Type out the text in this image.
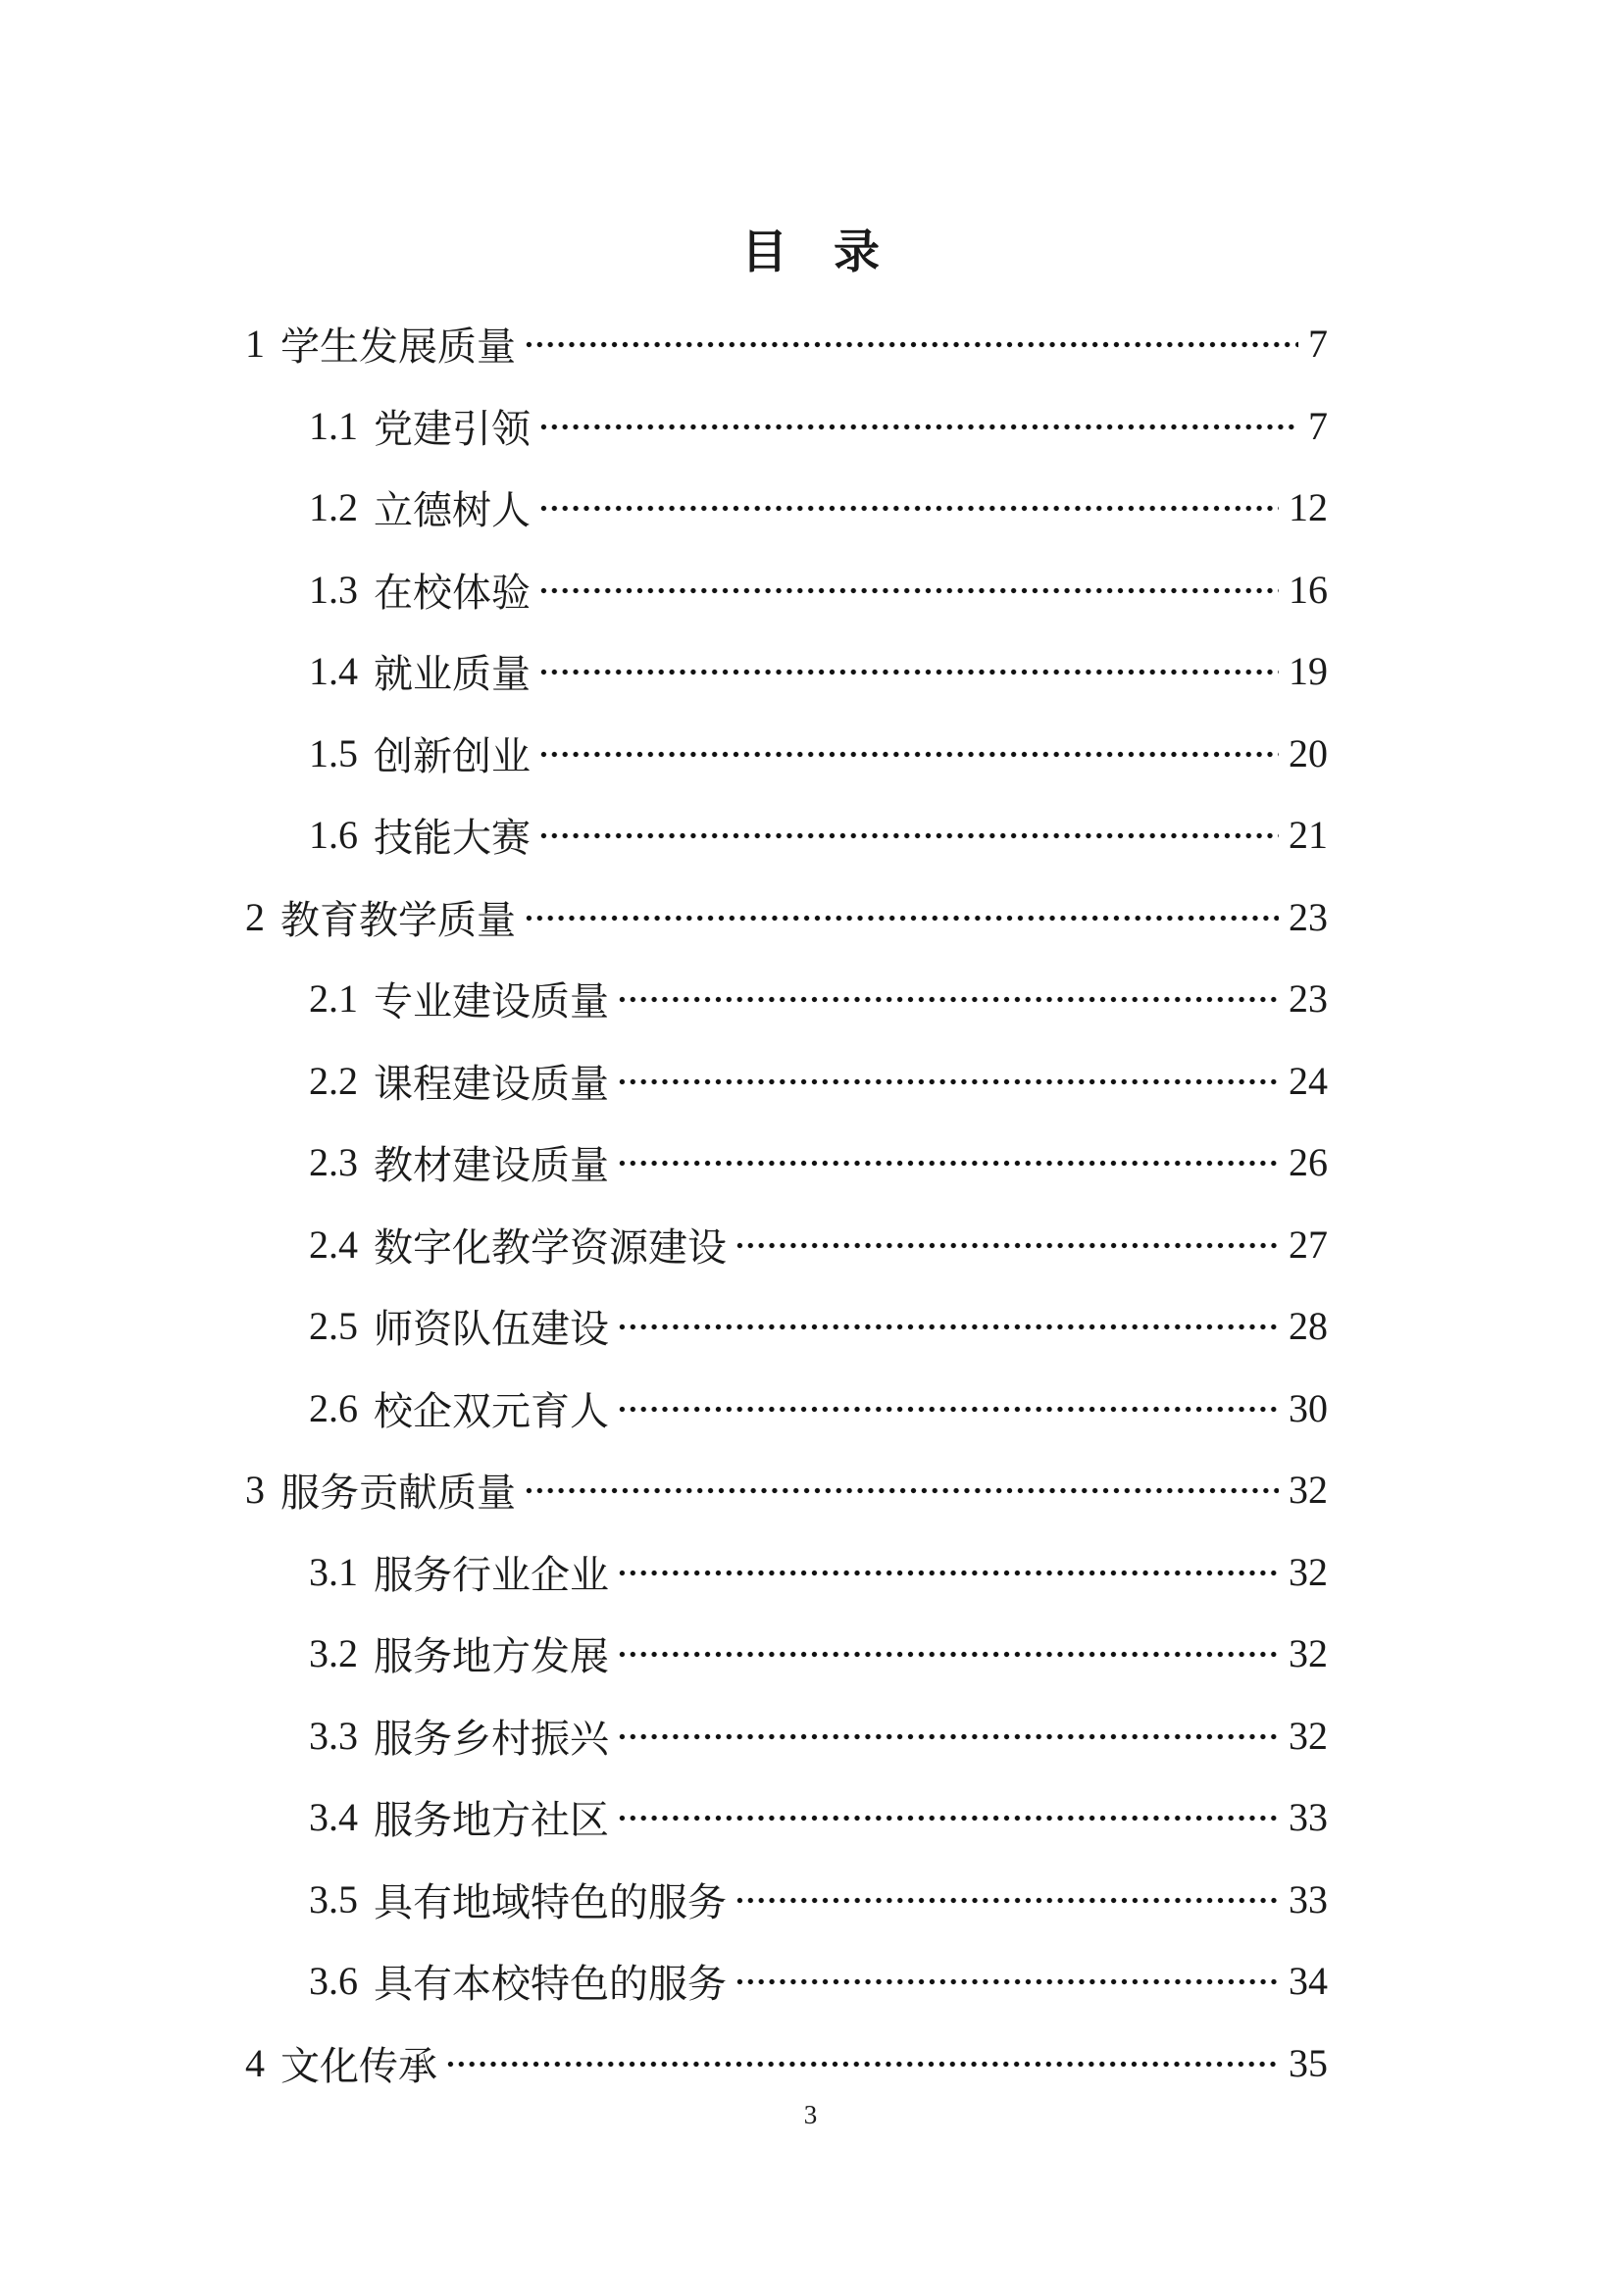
目　录
1 学生发展质量	7
1.1 党建引领	7
1.2 立德树人	12
1.3 在校体验	16
1.4 就业质量	19
1.5 创新创业	20
1.6 技能大赛	21
2 教育教学质量	23
2.1 专业建设质量	23
2.2 课程建设质量	24
2.3 教材建设质量	26
2.4 数字化教学资源建设	27
2.5 师资队伍建设	28
2.6 校企双元育人	30
3 服务贡献质量	32
3.1 服务行业企业	32
3.2 服务地方发展	32
3.3 服务乡村振兴	32
3.4 服务地方社区	33
3.5 具有地域特色的服务	33
3.6 具有本校特色的服务	34
4 文化传承	35
3
